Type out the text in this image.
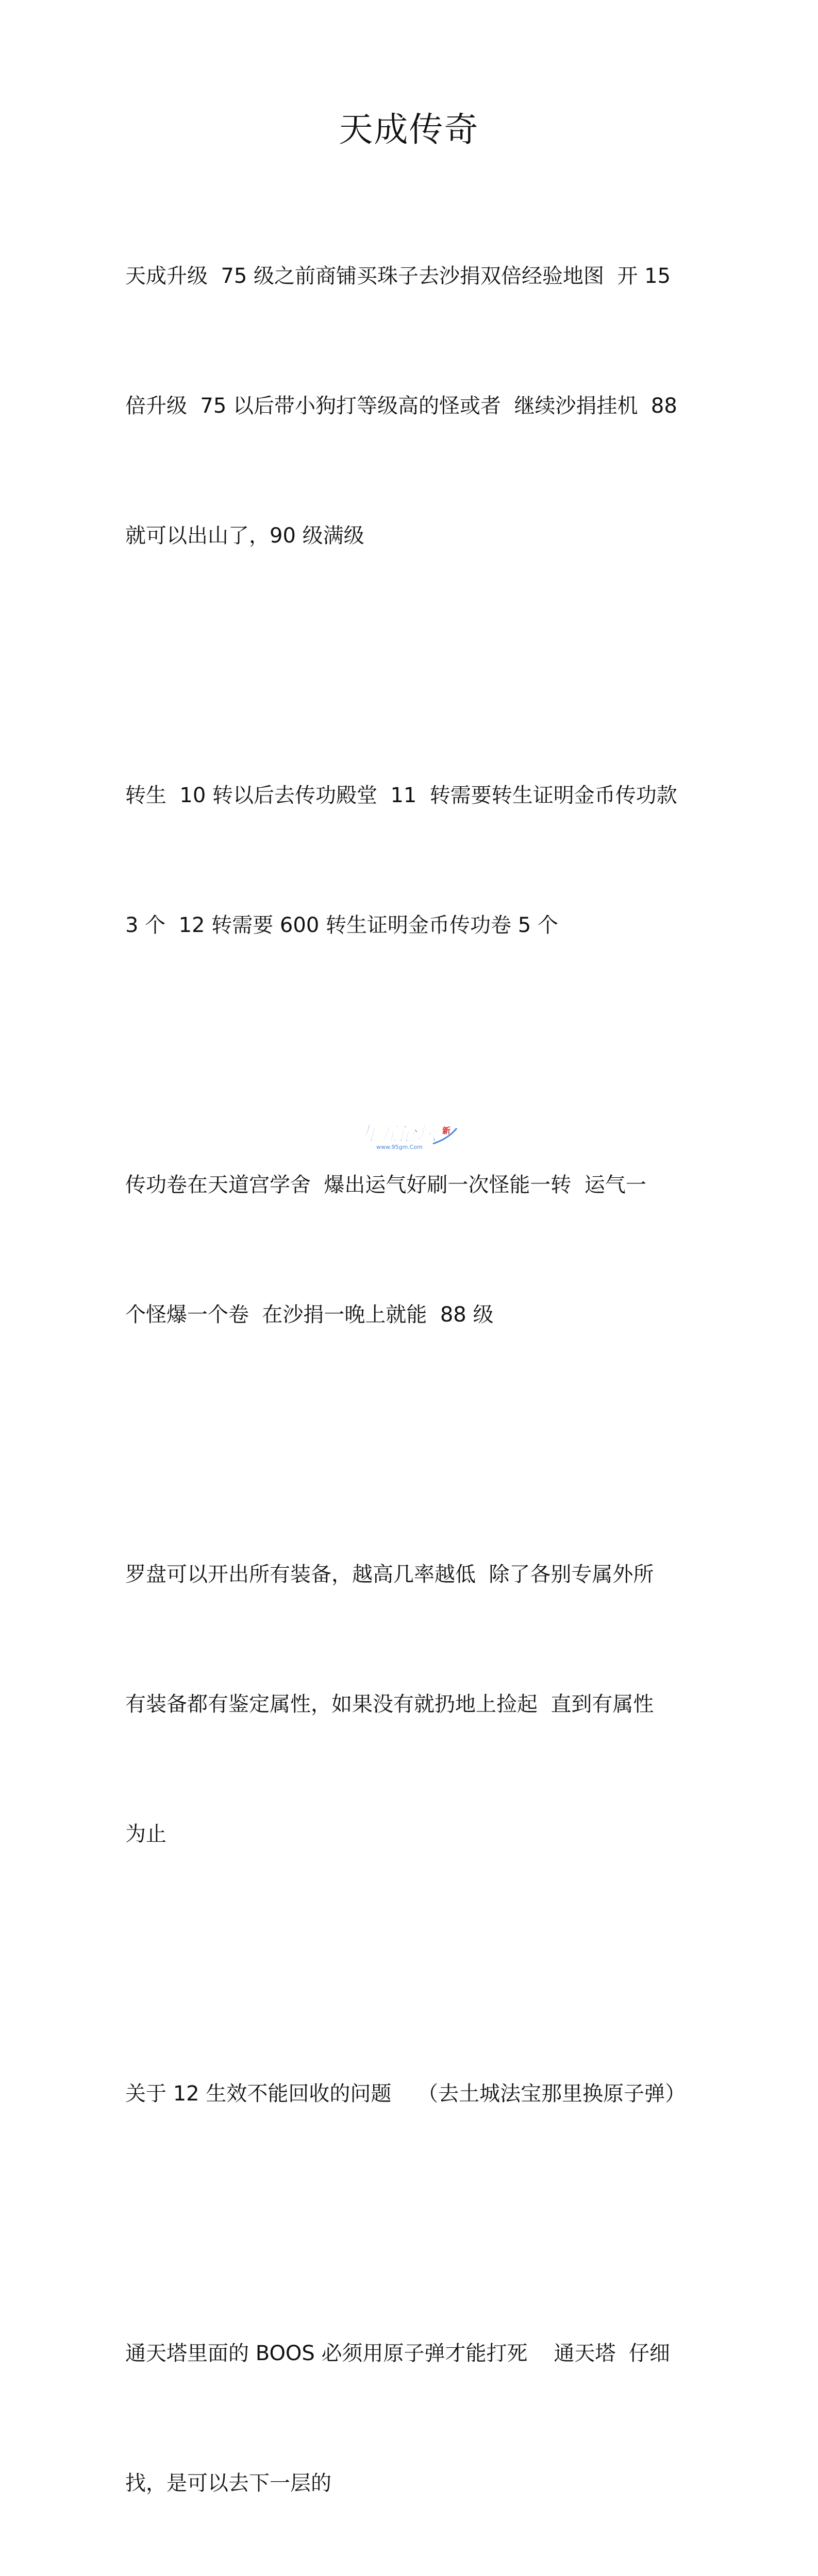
天成传奇

天成升级  75 级之前商铺买珠子去沙捐双倍经验地图  开 15

倍升级  75 以后带小狗打等级高的怪或者  继续沙捐挂机  88

就可以出山了，90 级满级

转生  10 转以后去传功殿堂  11  转需要转生证明金币传功款

3 个  12 转需要 600 转生证明金币传功卷 5 个

传功卷在天道宫学舍  爆出运气好刷一次怪能一转  运气一

个怪爆一个卷  在沙捐一晚上就能  88 级

罗盘可以开出所有装备，越高几率越低  除了各别专属外所

有装备都有鉴定属性，如果没有就扔地上捡起  直到有属性

为止

关于 12 生效不能回收的问题    （去土城法宝那里换原子弹）

通天塔里面的 BOOS 必须用原子弹才能打死    通天塔  仔细

找，是可以去下一层的

九五论坛 新
www.95gm.Com
